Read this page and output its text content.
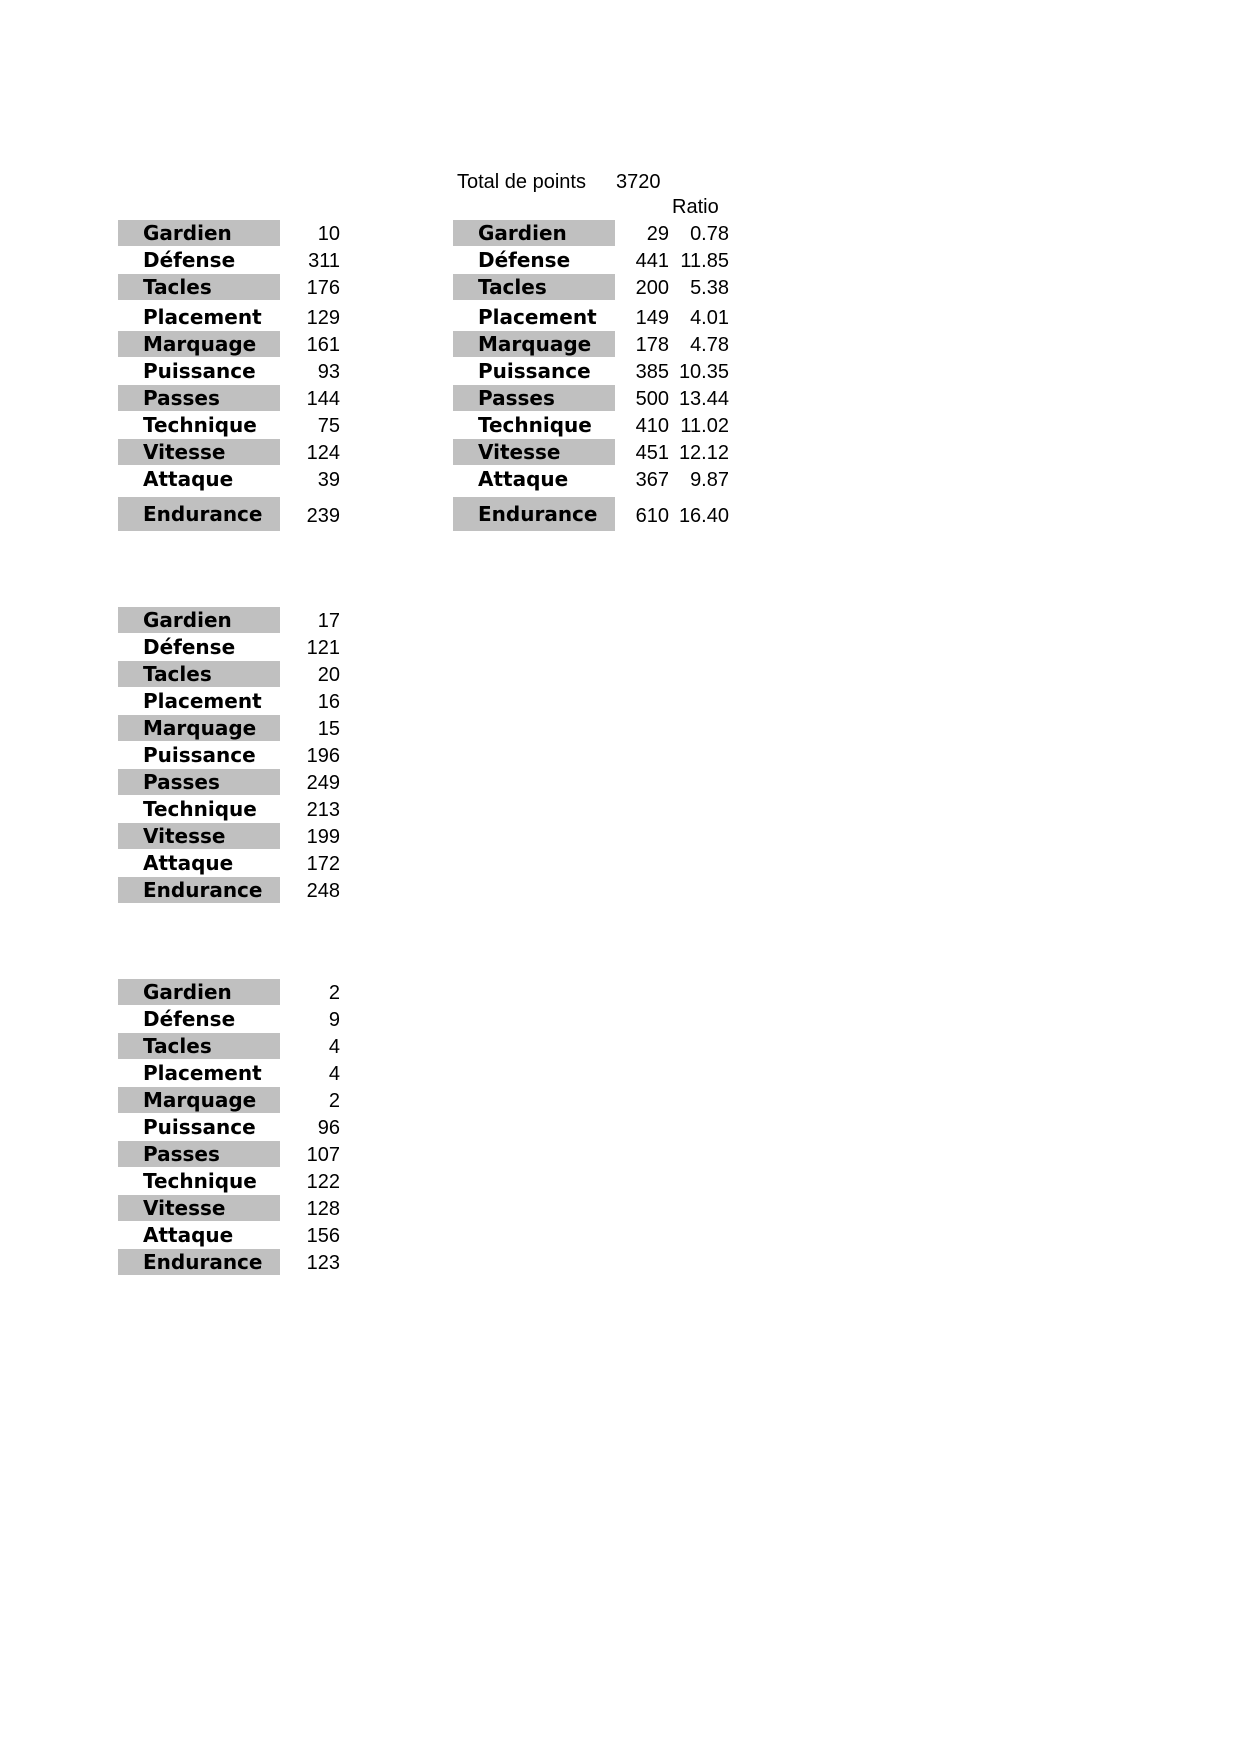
Total de points 3720
Ratio
Gardien	10
Défense	311
Tacles	176
Placement	129
Marquage	161
Puissance	93
Passes	144
Technique	75
Vitesse	124
Attaque	39
Endurance	239
Gardien	29	0.78
Défense	441 11.85
Tacles	200	5.38
Placement	149	4.01
Marquage	178	4.78
Puissance	385 10.35
Passes	500 13.44
Technique	410 11.02
Vitesse	451 12.12
Attaque	367	9.87
Endurance	610 16.40
Gardien	17
Défense	121
Tacles	20
Placement	16
Marquage	15
Puissance	196
Passes	249
Technique	213
Vitesse	199
Attaque	172
Endurance	248
Gardien	2
Défense	9
Tacles	4
Placement	4
Marquage	2
Puissance	96
Passes	107
Technique	122
Vitesse	128
Attaque	156
Endurance	123
